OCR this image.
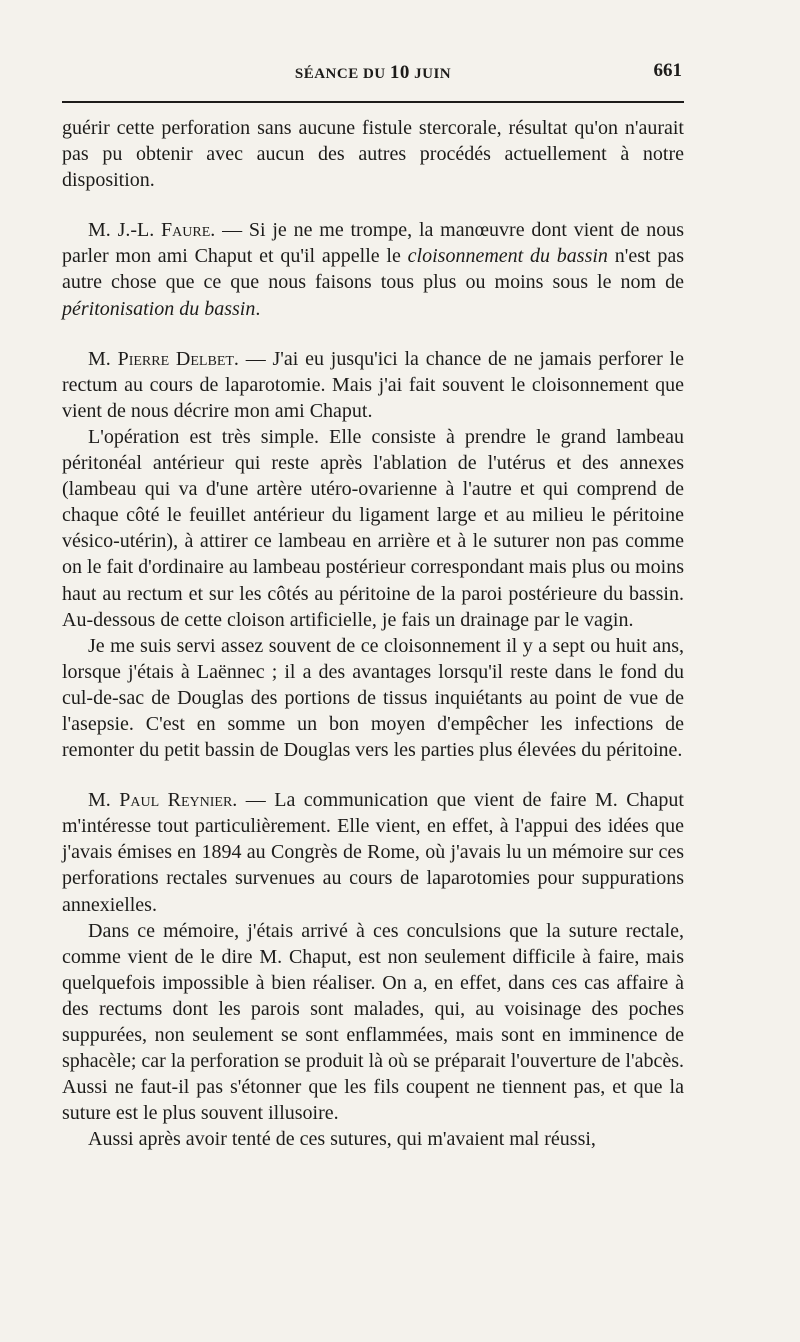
SÉANCE DU 10 JUIN	661

guérir cette perforation sans aucune fistule stercorale, résultat qu'on n'aurait pas pu obtenir avec aucun des autres procédés actuellement à notre disposition.

M. J.-L. Faure. — Si je ne me trompe, la manœuvre dont vient de nous parler mon ami Chaput et qu'il appelle le cloisonnement du bassin n'est pas autre chose que ce que nous faisons tous plus ou moins sous le nom de péritonisation du bassin.

M. Pierre Delbet. — J'ai eu jusqu'ici la chance de ne jamais perforer le rectum au cours de laparotomie. Mais j'ai fait souvent le cloisonnement que vient de nous décrire mon ami Chaput.

L'opération est très simple. Elle consiste à prendre le grand lambeau péritonéal antérieur qui reste après l'ablation de l'utérus et des annexes (lambeau qui va d'une artère utéro-ovarienne à l'autre et qui comprend de chaque côté le feuillet antérieur du ligament large et au milieu le péritoine vésico-utérin), à attirer ce lambeau en arrière et à le suturer non pas comme on le fait d'ordinaire au lambeau postérieur correspondant mais plus ou moins haut au rectum et sur les côtés au péritoine de la paroi postérieure du bassin. Au-dessous de cette cloison artificielle, je fais un drainage par le vagin.

Je me suis servi assez souvent de ce cloisonnement il y a sept ou huit ans, lorsque j'étais à Laënnec ; il a des avantages lorsqu'il reste dans le fond du cul-de-sac de Douglas des portions de tissus inquiétants au point de vue de l'asepsie. C'est en somme un bon moyen d'empêcher les infections de remonter du petit bassin de Douglas vers les parties plus élevées du péritoine.

M. Paul Reynier. — La communication que vient de faire M. Chaput m'intéresse tout particulièrement. Elle vient, en effet, à l'appui des idées que j'avais émises en 1894 au Congrès de Rome, où j'avais lu un mémoire sur ces perforations rectales survenues au cours de laparotomies pour suppurations annexielles.

Dans ce mémoire, j'étais arrivé à ces conculsions que la suture rectale, comme vient de le dire M. Chaput, est non seulement difficile à faire, mais quelquefois impossible à bien réaliser. On a, en effet, dans ces cas affaire à des rectums dont les parois sont malades, qui, au voisinage des poches suppurées, non seulement se sont enflammées, mais sont en imminence de sphacèle; car la perforation se produit là où se préparait l'ouverture de l'abcès. Aussi ne faut-il pas s'étonner que les fils coupent ne tiennent pas, et que la suture est le plus souvent illusoire.

Aussi après avoir tenté de ces sutures, qui m'avaient mal réussi,
